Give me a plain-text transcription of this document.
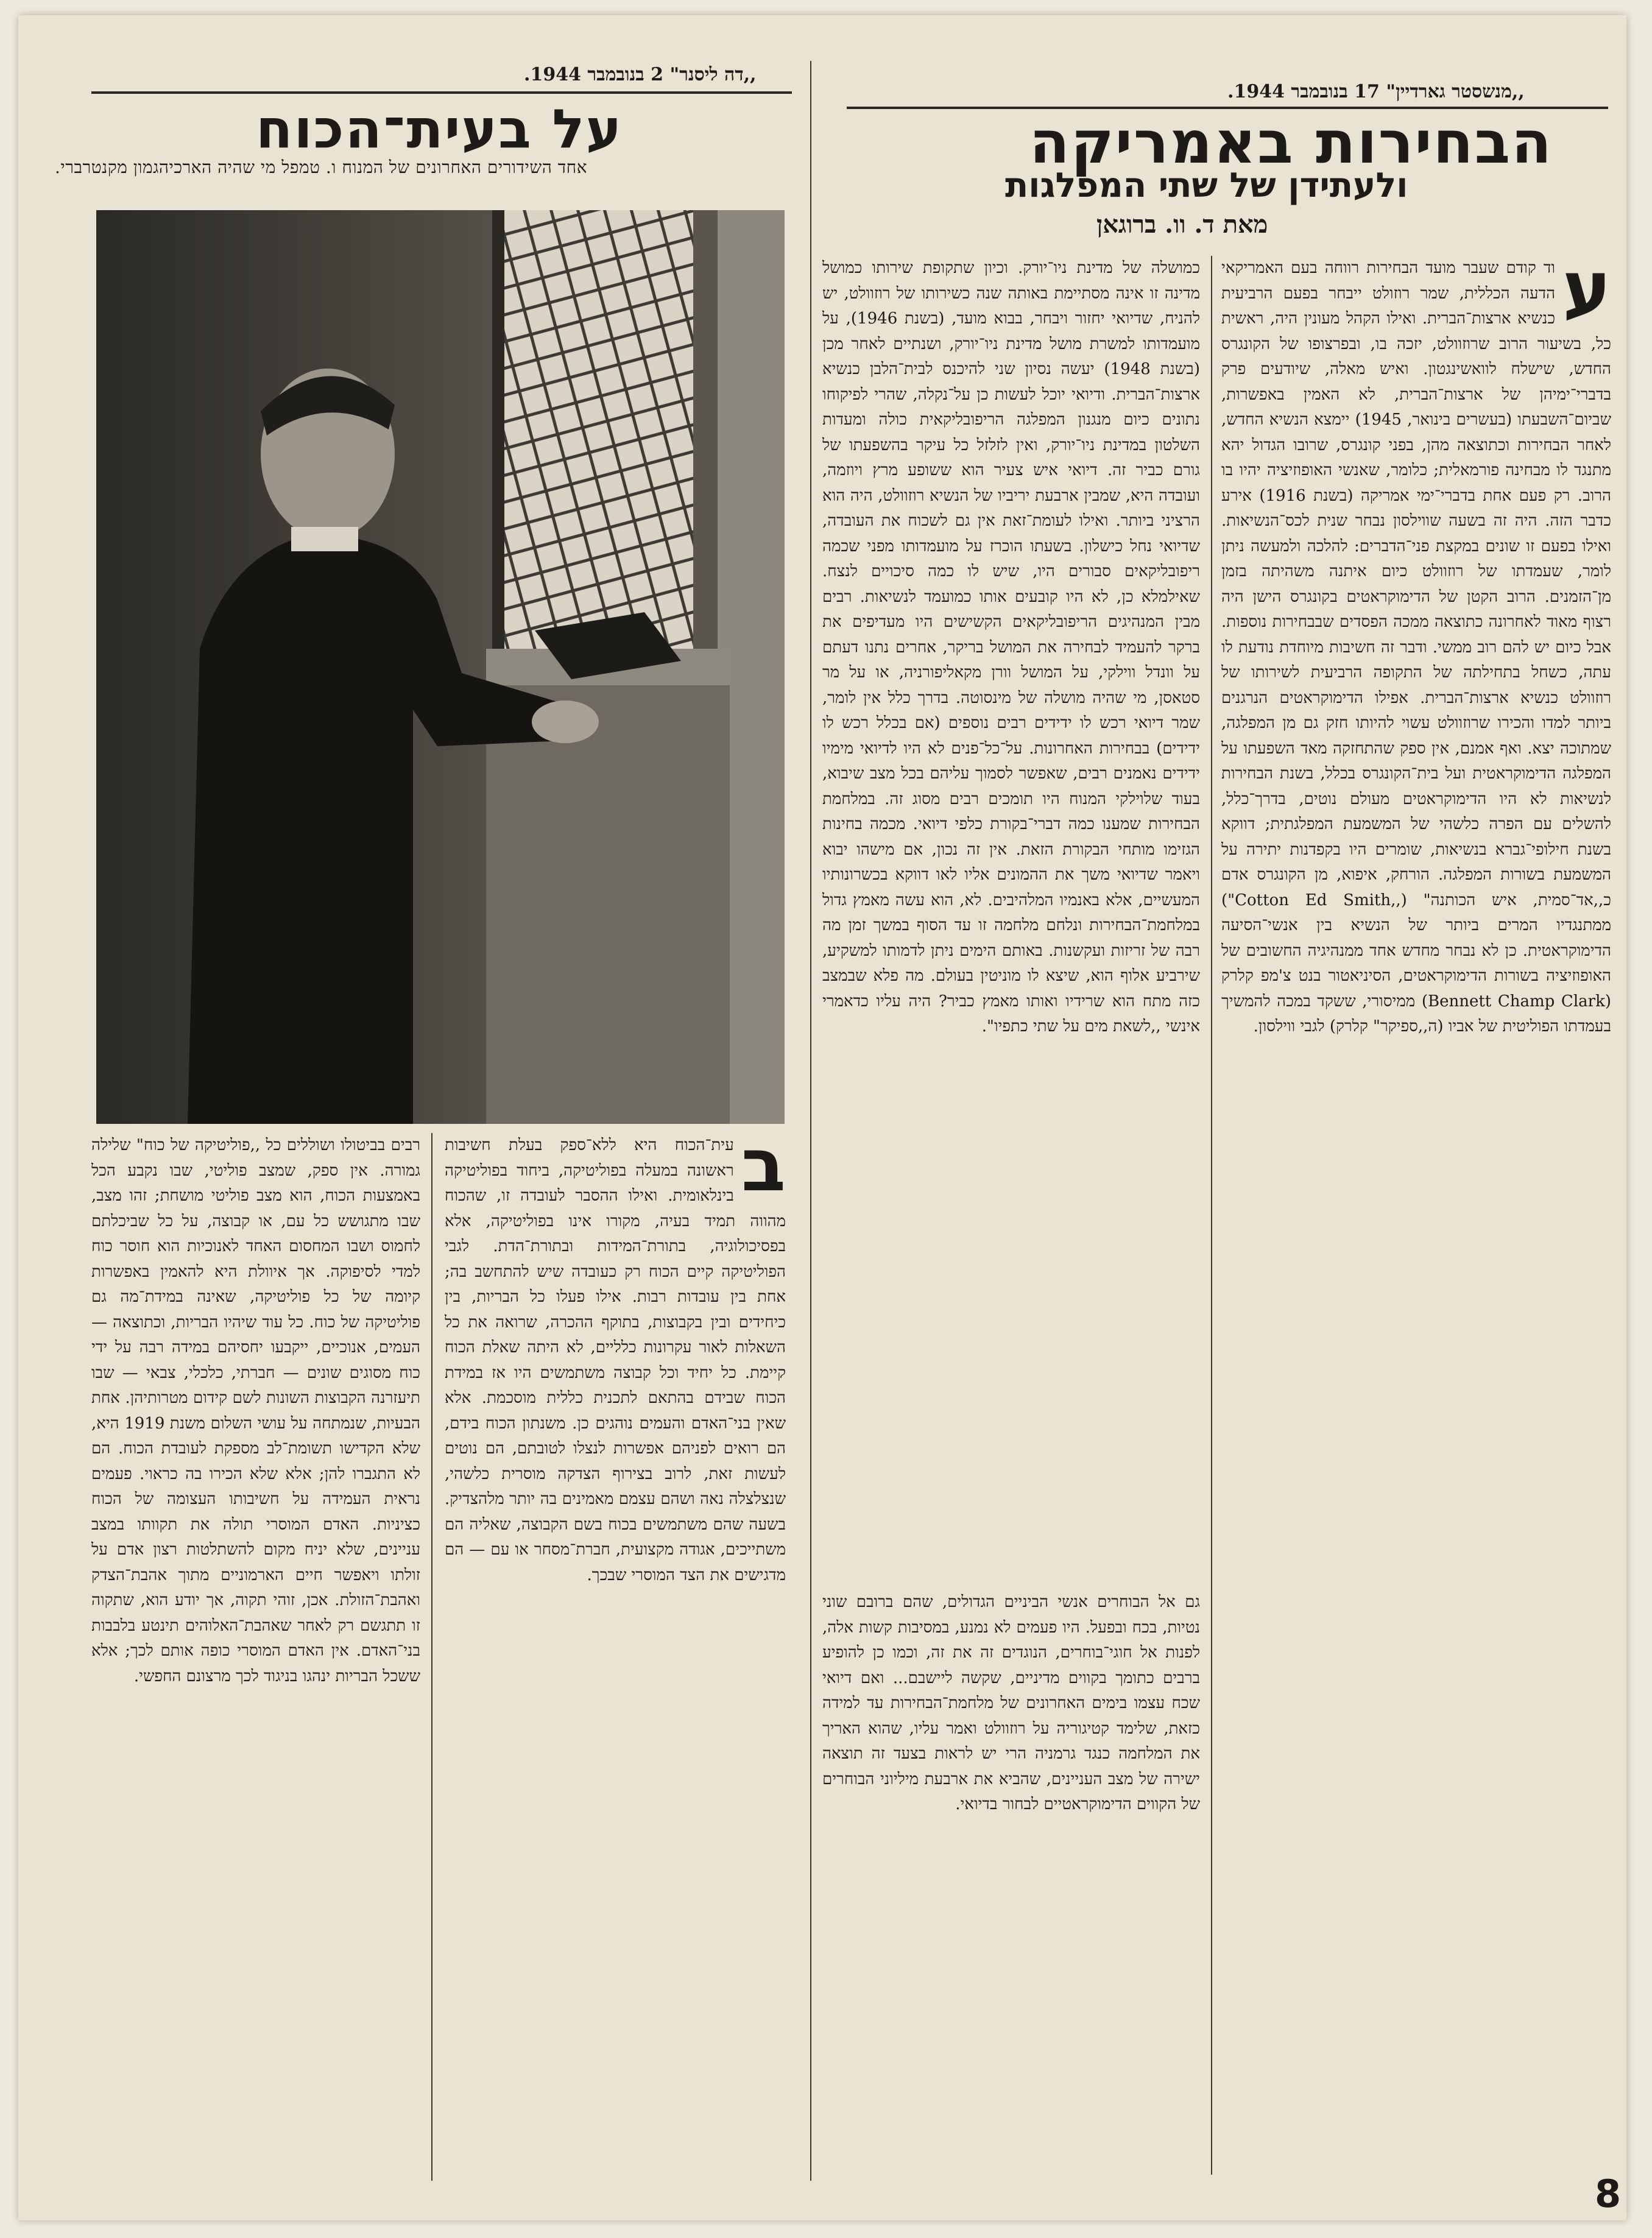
,,דה ליסנר" 2 בנובמבר 1944.
,,מנשסטר גארדיין" 17 בנובמבר 1944.
על בעית־הכוח
אחד השידורים האחרונים של המנוח ו. טמפל מי שהיה הארכיהגמון מקנטרברי.
ב
עית־הכוח היא ללא־ספק בעלת חשיבות ראשונה במעלה בפוליטיקה, ביחוד בפוליטיקה בינלאומית. ואילו ההסבר לעובדה זו, שהכוח מהווה תמיד בעיה, מקורו אינו בפוליטיקה, אלא בפסיכולוגיה, בתורת־המידות ובתורת־הדת. לגבי הפוליטיקה קיים הכוח רק כעובדה שיש להתחשב בה; אחת בין עובדות רבות. אילו פעלו כל הבריות, בין כיחידים ובין בקבוצות, בתוקף ההכרה, שרואה את כל השאלות לאור עקרונות כלליים, לא היתה שאלת הכוח קיימת. כל יחיד וכל קבוצה משתמשים היו אז במידת הכוח שבידם בהתאם לתכנית כללית מוסכמת. אלא שאין בני־האדם והעמים נוהגים כן. משנתון הכוח בידם, הם רואים לפניהם אפשרות לנצלו לטובתם, הם נוטים לעשות זאת, לרוב בצירוף הצדקה מוסרית כלשהי, שנצלצלה נאה ושהם עצמם מאמינים בה יותר מלהצדיק. בשעה שהם משתמשים בכוח בשם הקבוצה, שאליה הם משתייכים, אגודה מקצועית, חברת־מסחר או עם — הם מדגישים את הצד המוסרי שבכך.
רבים בביטולו ושוללים כל ,,פוליטיקה של כוח" שלילה גמורה. אין ספק, שמצב פוליטי, שבו נקבע הכל באמצעות הכוח, הוא מצב פוליטי מושחת; זהו מצב, שבו מתגושש כל עם, או קבוצה, על כל שביכלתם לחמוס ושבו המחסום האחד לאנוכיות הוא חוסר כוח למדי לסיפוקה. אך איוולת היא להאמין באפשרות קיומה של כל פוליטיקה, שאינה במידת־מה גם פוליטיקה של כוח. כל עוד שיהיו הבריות, וכתוצאה — העמים, אנוכיים, ייקבעו יחסיהם במידה רבה על ידי כוח מסוגים שונים — חברתי, כלכלי, צבאי — שבו תיעזרנה הקבוצות השונות לשם קידום מטרותיהן. אחת הבעיות, שנמתחה על עושי השלום משנת 1919 היא, שלא הקדישו תשומת־לב מספקת לעובדת הכוח. הם לא התגברו להן; אלא שלא הכירו בה כראוי. פעמים נראית העמידה על חשיבותו העצומה של הכוח כציניות. האדם המוסרי תולה את תקוותו במצב עניינים, שלא יניח מקום להשתלטות רצון אדם על זולתו ויאפשר חיים הארמוניים מתוך אהבת־הצדק ואהבת־הזולת. אכן, זוהי תקוה, אך יודע הוא, שתקוה זו תתגשם רק לאחר שאהבת־האלוהים תינטע בלבבות בני־האדם. אין האדם המוסרי כופה אותם לכך; אלא ששכל הבריות ינהגו בניגוד לכך מרצונם החפשי.
הבחירות באמריקה
ולעתידן של שתי המפלגות
מאת ד. וו. ברוגאן
ע
וד קודם שעבר מועד הבחירות רווחה בעם האמריקאי הדעה הכללית, שמר רוזולט ייבחר בפעם הרביעית כנשיא ארצות־הברית. ואילו הקהל מעונין היה, ראשית כל, בשיעור הרוב שרוזוולט, יזכה בו, ובפרצופו של הקונגרס החדש, שישלח לוואשינגטון. ואיש מאלה, שיודעים פרק בדברי־ימיהן של ארצות־הברית, לא האמין באפשרות, שביום־השבעתו (בעשרים בינואר, 1945) יימצא הנשיא החדש, לאחר הבחירות וכתוצאה מהן, בפני קונגרס, שרובו הגדול יהא מתנגד לו מבחינה פורמאלית; כלומר, שאנשי האופוזיציה יהיו בו הרוב. רק פעם אחת בדברי־ימי אמריקה (בשנת 1916) אירע כדבר הזה. היה זה בשעה שווילסון נבחר שנית לכס־הנשיאות. ואילו בפעם זו שונים במקצת פני־הדברים: להלכה ולמעשה ניתן לומר, שעמדתו של רוזוולט כיום איתנה משהיתה בזמן מן־הזמנים. הרוב הקטן של הדימוקראטים בקונגרס הישן היה רצוף מאוד לאחרונה כתוצאה ממכה הפסדים שבבחירות נוספות. אבל כיום יש להם רוב ממשי. ודבר זה חשיבות מיוחדת נודעת לו עתה, כשחל בתחילתה של התקופה הרביעית לשירותו של רוזוולט כנשיא ארצות־הברית. אפילו הדימוקראטים הנרגנים ביותר למדו והכירו שרוזוולט עשוי להיותו חזק גם מן המפלגה, שמתוכה יצא. ואף אמנם, אין ספק שהתחזקה מאד השפעתו על המפלגה הדימוקראטית ועל בית־הקונגרס בכלל, בשנת הבחירות לנשיאות לא היו הדימוקראטים מעולם נוטים, בדרך־כלל, להשלים עם הפרה כלשהי של המשמעת המפלגתית; דווקא בשנת חילופי־גברא בנשיאות, שומרים היו בקפדנות יתירה על המשמעת בשורות המפלגה. הורחק, איפוא, מן הקונגרס אדם כ,,אד־סמית, איש הכותנה" (,,Cotton Ed Smith") ממתנגדיו המרים ביותר של הנשיא בין אנשי־הסיעה הדימוקראטית. כן לא נבחר מחדש אחד ממנהיגיה החשובים של האופוזיציה בשורות הדימוקראטים, הסיניאטור בנט צ'מפ קלרק (Bennett Champ Clark) ממיסורי, ששקד במכה להמשיך בעמדתו הפוליטית של אביו (ה,,ספיקר" קלרק) לגבי ווילסון.
כמושלה של מדינת ניו־יורק. וכיון שתקופת שירותו כמושל מדינה זו אינה מסתיימת באותה שנה כשירותו של רוזוולט, יש להניח, שדיואי יחזור ויבחר, בבוא מועד, (בשנת 1946), על מועמדותו למשרת מושל מדינת ניו־יורק, ושנתיים לאחר מכן (בשנת 1948) יעשה נסיון שני להיכנס לבית־הלבן כנשיא ארצות־הברית. ודיואי יוכל לעשות כן על־נקלה, שהרי לפיקוחו נתונים כיום מנגנון המפלגה הריפובליקאית כולה ומעדות השלטון במדינת ניו־יורק, ואין לזלזל כל עיקר בהשפעתו של גורם כביר זה. דיואי איש צעיר הוא ששופע מרץ ויוזמה, ועובדה היא, שמבין ארבעת יריביו של הנשיא רוזוולט, היה הוא הרציני ביותר. ואילו לעומת־זאת אין גם לשכוח את העובדה, שדיואי נחל כישלון. בשעתו הוכרז על מועמדותו מפני שכמה ריפובליקאים סבורים היו, שיש לו כמה סיכויים לנצח. שאילמלא כן, לא היו קובעים אותו כמועמד לנשיאות. רבים מבין המנהיגים הריפובליקאים הקשישים היו מעדיפים את ברקר להעמיד לבחירה את המושל בריקר, אחרים נתנו דעתם על וונדל ווילקי, על המושל וורן מקאליפורניה, או על מר סטאסן, מי שהיה מושלה של מינסוטה. בדרך כלל אין לומר, שמר דיואי רכש לו ידידים רבים נוספים (אם בכלל רכש לו ידידים) בבחירות האחרונות. על־כל־פנים לא היו לדיואי מימיו ידידים נאמנים רבים, שאפשר לסמוך עליהם בכל מצב שיבוא, בעוד שלוילקי המנוח היו תומכים רבים מסוג זה. במלחמת הבחירות שמענו כמה דברי־בקורת כלפי דיואי. מכמה בחינות הגזימו מותחי הבקורת הזאת. אין זה נכון, אם מישהו יבוא ויאמר שדיואי משך את ההמונים אליו לאו דווקא בכשרונותיו המעשיים, אלא באנמיו המלהיבים. לא, הוא עשה מאמץ גדול במלחמת־הבחירות ונלחם מלחמה זו עד הסוף במשך זמן מה רבה של זריזות ועקשנות. באותם הימים ניתן לדמותו למשקיע, שירביע אלוף הוא, שיצא לו מוניטין בעולם. מה פלא שבמצב כזה מתח הוא שרידיו ואותו מאמץ כביר? היה עליו כדאמרי אינשי ,,לשאת מים על שתי כתפיו".
גם אל הבוחרים אנשי הביניים הגדולים, שהם ברובם שוני נטיות, בכח ובפעל. היו פעמים לא נמנע, במסיבות קשות אלה, לפנות אל חוגי־בוחרים, הנוגדים זה את זה, וכמו כן להופיע ברבים כתומך בקווים מדיניים, שקשה ליישבם... ואם דיואי שכח עצמו בימים האחרונים של מלחמת־הבחירות עד למידה כזאת, שלימד קטיגוריה על רוזוולט ואמר עליו, שהוא האריך את המלחמה כנגד גרמניה הרי יש לראות בצעד זה תוצאה ישירה של מצב העניינים, שהביא את ארבעת מיליוני הבוחרים של הקווים הדימוקראטיים לבחור בדיואי.
8
